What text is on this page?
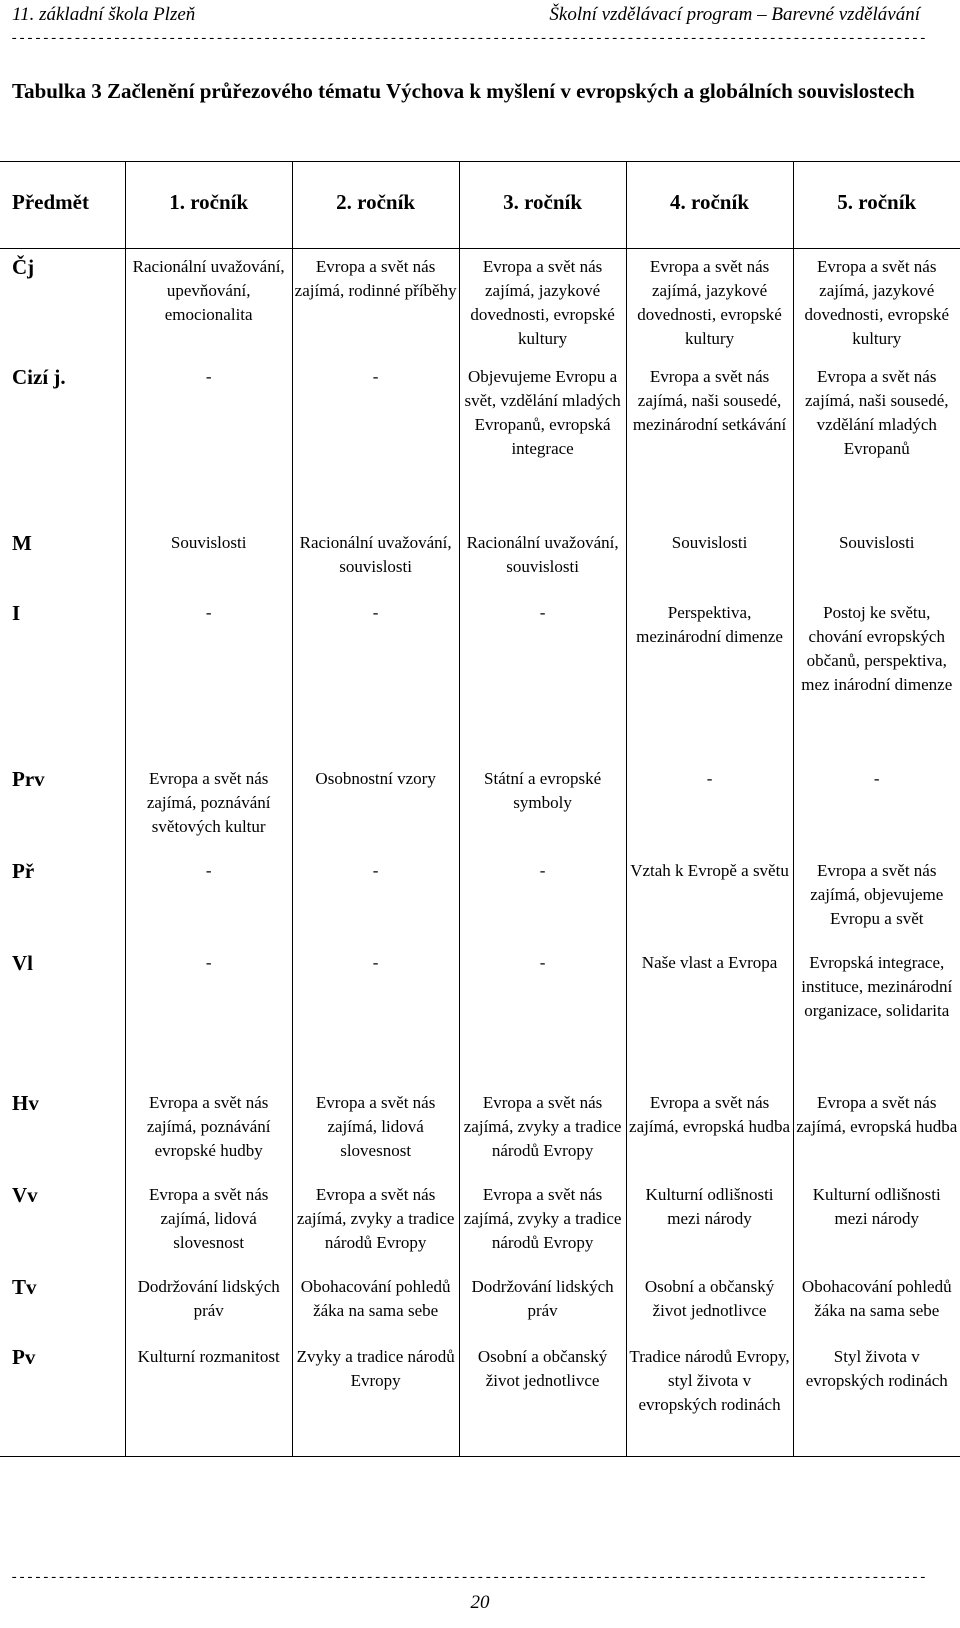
11. základní škola Plzeň	Školní vzdělávací program – Barevné vzdělávání
--------------------------------------------------------------------------------------------------------------------
Tabulka 3 Začlenění průřezového tématu Výchova k myšlení v evropských a globálních souvislostech
Předmět	1. ročník	2. ročník	3. ročník	4. ročník	5. ročník
Čj	Racionální uvažování, upevňování, emocionalita	Evropa a svět nás zajímá, rodinné příběhy	Evropa a svět nás zajímá, jazykové dovednosti, evropské kultury	Evropa a svět nás zajímá, jazykové dovednosti, evropské kultury	Evropa a svět nás zajímá, jazykové dovednosti, evropské kultury
Cizí j.	-	-	Objevujeme Evropu a svět, vzdělání mladých Evropanů, evropská integrace	Evropa a svět nás zajímá, naši sousedé, mezinárodní setkávání	Evropa a svět nás zajímá, naši sousedé, vzdělání mladých Evropanů
M	Souvislosti	Racionální uvažování, souvislosti	Racionální uvažování, souvislosti	Souvislosti	Souvislosti
I	-	-	-	Perspektiva, mezinárodní dimenze	Postoj ke světu, chování evropských občanů, perspektiva, mez inárodní dimenze
Prv	Evropa a svět nás zajímá, poznávání světových kultur	Osobnostní vzory	Státní a evropské symboly	-	-
Př	-	-	-	Vztah k Evropě a světu	Evropa a svět nás zajímá, objevujeme Evropu a svět
Vl	-	-	-	Naše vlast a Evropa	Evropská integrace, instituce, mezinárodní organizace, solidarita
Hv	Evropa a svět nás zajímá, poznávání evropské hudby	Evropa a svět nás zajímá, lidová slovesnost	Evropa a svět nás zajímá, zvyky a tradice národů Evropy	Evropa a svět nás zajímá, evropská hudba	Evropa a svět nás zajímá, evropská hudba
Vv	Evropa a svět nás zajímá, lidová slovesnost	Evropa a svět nás zajímá, zvyky a tradice národů Evropy	Evropa a svět nás zajímá, zvyky a tradice národů Evropy	Kulturní odlišnosti mezi národy	Kulturní odlišnosti mezi národy
Tv	Dodržování lidských práv	Obohacování pohledů žáka na sama sebe	Dodržování lidských práv	Osobní a občanský život jednotlivce	Obohacování pohledů žáka na sama sebe
Pv	Kulturní rozmanitost	Zvyky a tradice národů Evropy	Osobní a občanský život jednotlivce	Tradice národů Evropy, styl života v evropských rodinách	Styl života v evropských rodinách
--------------------------------------------------------------------------------------------------------------------
20
